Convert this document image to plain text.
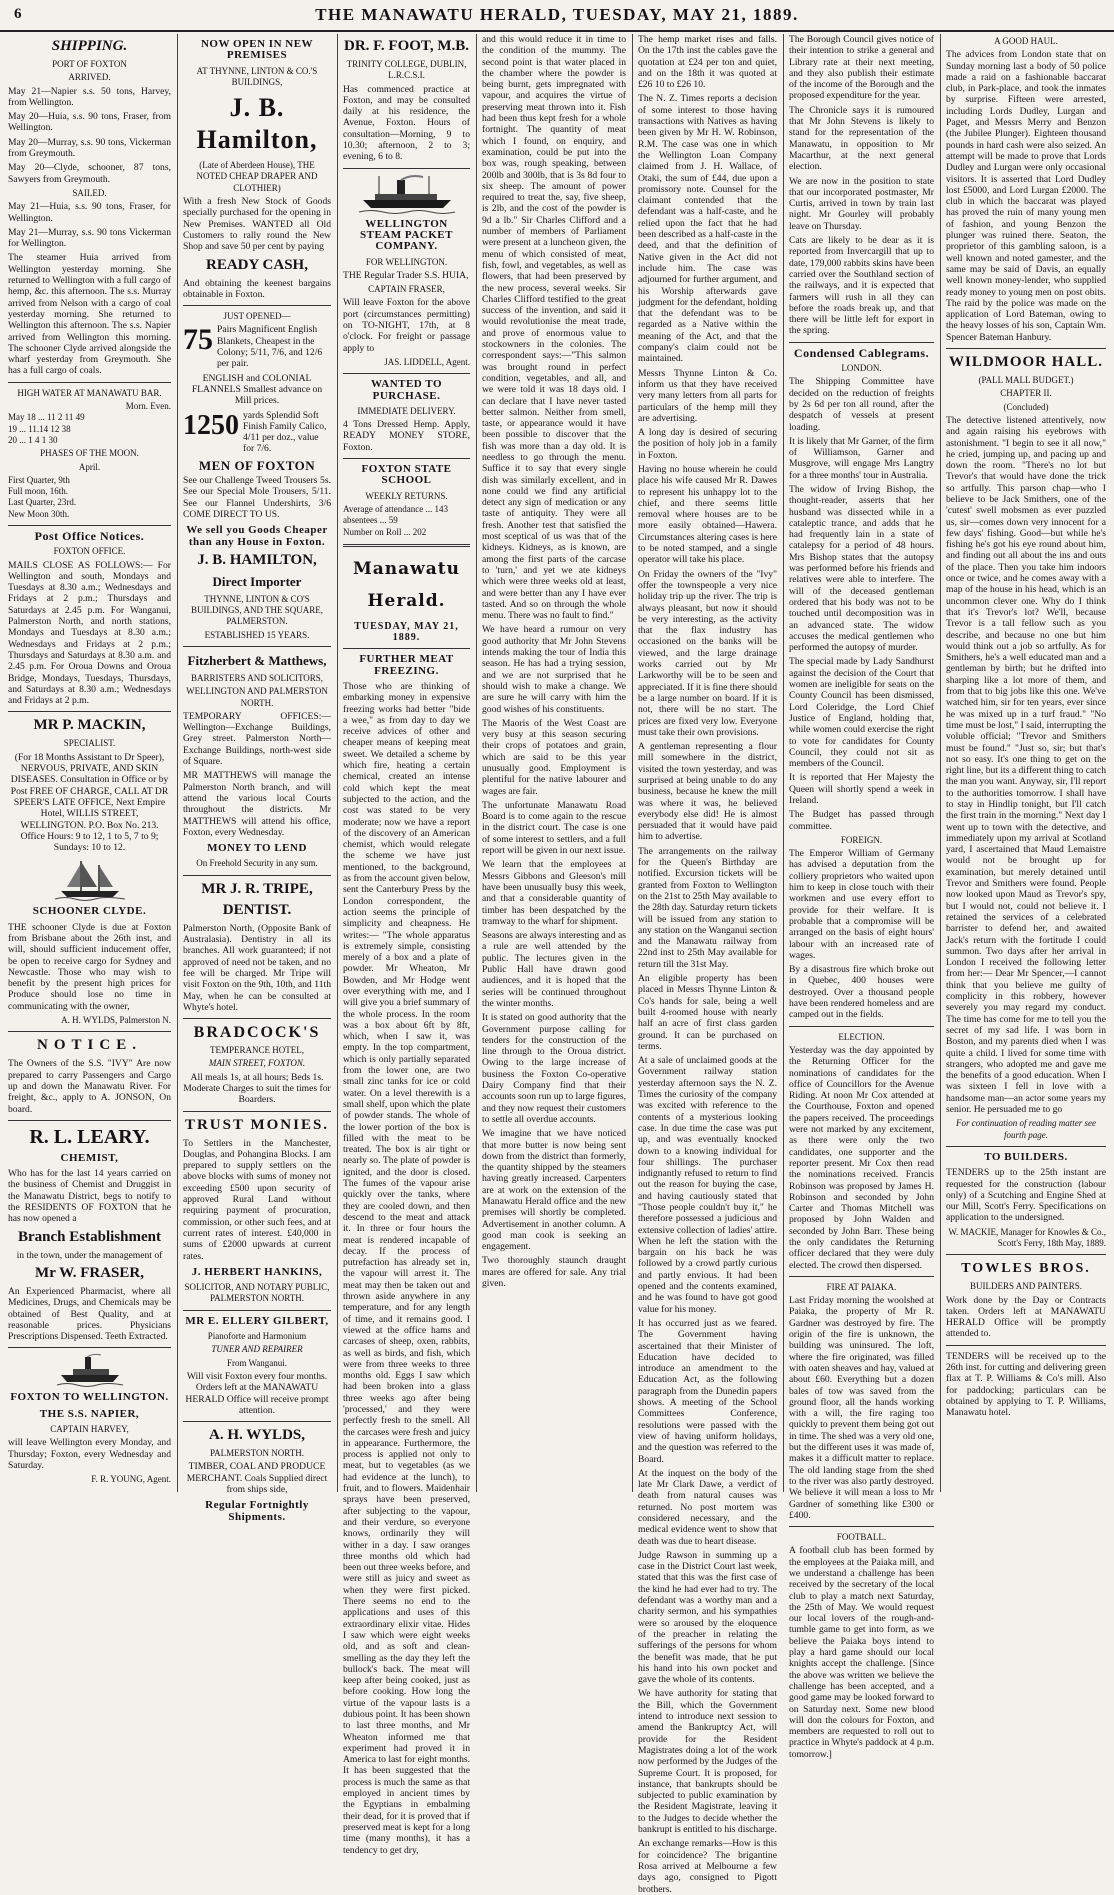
6	THE MANAWATU HERALD, TUESDAY, MAY 21, 1889.
SHIPPING.
PORT OF FOXTON
ARRIVED.

May 21—Napier s.s. 50 tons, Harvey, from Wellington.

May 20—Huia, s.s. 90 tons, Fraser, from Wellington.

May 20—Murray, s.s. 90 tons, Vickerman from Greymouth.

May 20—Clyde, schooner, 87 tons, Sawyers from Greymouth.

SAILED.

May 21—Huia, s.s. 90 tons, Fraser, for Wellington.

May 21—Murray, s.s. 90 tons Vickerman for Wellington.

The steamer Huia arrived from Wellington yesterday morning. She returned to Wellington with a full cargo of hemp, &c. this afternoon. The s.s. Murray arrived from Nelson with a cargo of coal yesterday morning. She returned to Wellington this afternoon. The s.s. Napier arrived from Wellington this morning. The schooner Clyde arrived alongside the wharf yesterday from Greymouth. She has a full cargo of coals.

HIGH WATER AT MANAWATU BAR.
Morn. Even.
May 18 ... 11 2 11 49
19 ... 11.14 12 38
20 ... 1 4 1 30
PHASES OF THE MOON.
April.
First Quarter, 9th
Full moon, 16th.
Last Quarter, 23rd.
New Moon 30th.
Post Office Notices.
FOXTON OFFICE.

MAILS CLOSE AS FOLLOWS:— For Wellington and south, Mondays and Tuesdays at 8.30 a.m.; Wednesdays and Fridays at 2 p.m.; Thursdays and Saturdays at 2.45 p.m. For Wanganui, Palmerston North, and north stations, Mondays and Tuesdays at 8.30 a.m.; Wednesdays and Fridays at 2 p.m.; Thursdays and Saturdays at 8.30 a.m. and 2.45 p.m. For Oroua Downs and Oroua Bridge, Mondays, Tuesdays, Thursdays, and Saturdays at 8.30 a.m.; Wednesdays and Fridays at 2 p.m.

MR P. MACKIN,
SPECIALIST.

(For 18 Months Assistant to Dr Speer), NERVOUS, PRIVATE, AND SKIN DISEASES. Consultation in Office or by Post FREE OF CHARGE, CALL AT DR SPEER'S LATE OFFICE, Next Empire Hotel, WILLIS STREET, WELLINGTON. P.O. Box No. 213. Office Hours: 9 to 12, 1 to 5, 7 to 9; Sundays: 10 to 12.

SCHOONER CLYDE.

THE schooner Clyde is due at Foxton from Brisbane about the 26th inst, and will, should sufficient inducement offer, be open to receive cargo for Sydney and Newcastle. Those who may wish to benefit by the present high prices for Produce should lose no time in communicating with the owner,

A. H. WYLDS, Palmerston N.
NOTICE.

The Owners of the S.S. "IVY" Are now prepared to carry Passengers and Cargo up and down the Manawatu River. For freight, &c., apply to A. JONSON, On board.

R. L. LEARY.
CHEMIST,

Who has for the last 14 years carried on the business of Chemist and Druggist in the Manawatu District, begs to notify to the RESIDENTS OF FOXTON that he has now opened a

Branch Establishment

in the town, under the management of

Mr W. FRASER,

An Experienced Pharmacist, where all Medicines, Drugs, and Chemicals may be obtained of Best Quality, and at reasonable prices. Physicians Prescriptions Dispensed. Teeth Extracted.

FOXTON TO WELLINGTON.
THE S.S. NAPIER,
CAPTAIN HARVEY,

will leave Wellington every Monday, and Thursday; Foxton, every Wednesday and Saturday.

F. R. YOUNG, Agent.
NOW OPEN IN NEW PREMISES
AT THYNNE, LINTON & CO.'S BUILDINGS,
J. B. Hamilton,
(Late of Aberdeen House), THE NOTED CHEAP DRAPER AND CLOTHIER)

With a fresh New Stock of Goods specially purchased for the opening in New Premises. WANTED all Old Customers to rally round the New Shop and save 50 per cent by paying

READY CASH,

And obtaining the keenest bargains obtainable in Foxton.

JUST OPENED—
75 Pairs Magnificent English Blankets, Cheapest in the Colony; 5/11, 7/6, and 12/6 per pair.

ENGLISH and COLONIAL FLANNELS Smallest advance on Mill prices.

1250 yards Splendid Soft Finish Family Calico, 4/11 per doz., value for 7/6.
MEN OF FOXTON

See our Challenge Tweed Trousers 5s. See our Special Mole Trousers, 5/11. See our Flannel Undershirts, 3/6 COME DIRECT TO US.

We sell you Goods Cheaper than any House in Foxton.
J. B. HAMILTON,
Direct Importer
THYNNE, LINTON & CO'S BUILDINGS, AND THE SQUARE, PALMERSTON.
ESTABLISHED 15 YEARS.
Fitzherbert & Matthews,
BARRISTERS AND SOLICITORS,
WELLINGTON AND PALMERSTON NORTH.

TEMPORARY OFFICES:— Wellington—Exchange Buildings, Grey street. Palmerston North—Exchange Buildings, north-west side of Square.

MR MATTHEWS will manage the Palmerston North branch, and will attend the various local Courts throughout the districts. Mr MATTHEWS will attend his office, Foxton, every Wednesday.

MONEY TO LEND
On Freehold Security in any sum.
MR J. R. TRIPE,
DENTIST.

Palmerston North, (Opposite Bank of Australasia). Dentistry in all its branches. All work guaranteed; if not approved of need not be taken, and no fee will be charged. Mr Tripe will visit Foxton on the 9th, 10th, and 11th May, when he can be consulted at Whyte's hotel.

BRADCOCK'S
TEMPERANCE HOTEL,
MAIN STREET, FOXTON.

All meals 1s, at all hours; Beds 1s. Moderate Charges to suit the times for Boarders.

TRUST MONIES.

To Settlers in the Manchester, Douglas, and Pohangina Blocks. I am prepared to supply settlers on the above blocks with sums of money not exceeding £500 upon security of approved Rural Land without requiring payment of procuration, commission, or other such fees, and at current rates of interest. £40,000 in sums of £2000 upwards at current rates.

J. HERBERT HANKINS,
SOLICITOR, AND NOTARY PUBLIC, PALMERSTON NORTH.
MR E. ELLERY GILBERT,
Pianoforte and Harmonium
TUNER AND REPAIRER
From Wanganui.

Will visit Foxton every four months. Orders left at the MANAWATU HERALD Office will receive prompt attention.

A. H. WYLDS,
PALMERSTON NORTH.

TIMBER, COAL AND PRODUCE MERCHANT. Coals Supplied direct from ships side,

Regular Fortnightly Shipments.
DR. F. FOOT, M.B.
TRINITY COLLEGE, DUBLIN, L.R.C.S.I.

Has commenced practice at Foxton, and may be consulted daily at his residence, the Avenue, Foxton. Hours of consultation—Morning, 9 to 10.30; afternoon, 2 to 3; evening, 6 to 8.

WELLINGTON STEAM PACKET COMPANY.
FOR WELLINGTON.

THE Regular Trader S.S. HUIA,

CAPTAIN FRASER,

Will leave Foxton for the above port (circumstances permitting) on TO-NIGHT, 17th, at 8 o'clock. For freight or passage apply to

JAS. LIDDELL, Agent.
WANTED TO PURCHASE.
IMMEDIATE DELIVERY.

4 Tons Dressed Hemp. Apply, READY MONEY STORE, Foxton.

FOXTON STATE SCHOOL
WEEKLY RETURNS.
Average of attendance ... 143
absentees ... 59
Number on Roll ... 202
Manawatu Herald.
TUESDAY, MAY 21, 1889.
FURTHER MEAT FREEZING.

Those who are thinking of embarking money in expensive freezing works had better "bide a wee," as from day to day we receive advices of other and cheaper means of keeping meat sweet. We detailed a scheme by which fire, heating a certain chemical, created an intense cold which kept the meat subjected to the action, and the cost was stated to be very moderate; now we have a report of the discovery of an American chemist, which would relegate the scheme we have just mentioned, to the background, as from the account given below, sent the Canterbury Press by the London correspondent, the action seems the principle of simplicity and cheapness. He writes:— "The whole apparatus is extremely simple, consisting merely of a box and a plate of powder. Mr Wheaton, Mr Bowden, and Mr Hodge went over everything with me, and I will give you a brief summary of the whole process. In the room was a box about 6ft by 8ft, which, when I saw it, was empty. In the top compartment, which is only partially separated from the lower one, are two small zinc tanks for ice or cold water. On a level therewith is a small shelf, upon which the plate of powder stands. The whole of the lower portion of the box is filled with the meat to be treated. The box is air tight or nearly so. The plate of powder is ignited, and the door is closed. The fumes of the vapour arise quickly over the tanks, where they are cooled down, and then descend to the meat and attack it. In three or four hours the meat is rendered incapable of decay. If the process of putrefaction has already set in, the vapour will arrest it. The meat may then be taken out and thrown aside anywhere in any temperature, and for any length of time, and it remains good. I viewed at the office hams and carcases of sheep, oxen, rabbits, as well as birds, and fish, which were from three weeks to three months old. Eggs I saw which had been broken into a glass three weeks ago after being 'processed,' and they were perfectly fresh to the smell. All the carcases were fresh and juicy in appearance. Furthermore, the process is applied not only to meat, but to vegetables (as we had evidence at the lunch), to fruit, and to flowers. Maidenhair sprays have been preserved, after subjecting to the vapour, and their verdure, so everyone knows, ordinarily they will wither in a day. I saw oranges three months old which had been out three weeks before, and were still as juicy and sweet as when they were first picked. There seems no end to the applications and uses of this extraordinary elixir vitae. Hides I saw which were eight weeks old, and as soft and clean-smelling as the day they left the bullock's back. The meat will keep after being cooked, just as before cooking. How long the virtue of the vapour lasts is a dubious point. It has been shown to last three months, and Mr Wheaton informed me that experiment had proved it in America to last for eight months. It has been suggested that the process is much the same as that employed in ancient times by the Egyptians in embalming their dead, for it is proved that if preserved meat is kept for a long time (many months), it has a tendency to get dry,

and this would reduce it in time to the condition of the mummy. The second point is that water placed in the chamber where the powder is being burnt, gets impregnated with vapour, and acquires the virtue of preserving meat thrown into it. Fish had been thus kept fresh for a whole fortnight. The quantity of meat which I found, on enquiry, and examination, could be put into the box was, rough speaking, between 200lb and 300lb, that is 3s 8d four to six sheep. The amount of power required to treat the, say, five sheep, is 2lb, and the cost of the powder is 9d a lb." Sir Charles Clifford and a number of members of Parliament were present at a luncheon given, the menu of which consisted of meat, fish, fowl, and vegetables, as well as flowers, that had been preserved by the new process, several weeks. Sir Charles Clifford testified to the great success of the invention, and said it would revolutionise the meat trade, and prove of enormous value to stockowners in the colonies. The correspondent says:—"This salmon was brought round in perfect condition, vegetables, and all, and we were told it was 18 days old. I can declare that I have never tasted better salmon. Neither from smell, taste, or appearance would it have been possible to discover that the fish was more than a day old. It is needless to go through the menu. Suffice it to say that every single dish was similarly excellent, and in none could we find any artificial detect any sign of medication or any taste of antiquity. They were all fresh. Another test that satisfied the most sceptical of us was that of the kidneys. Kidneys, as is known, are among the first parts of the carcase to 'turn,' and yet we ate kidneys which were three weeks old at least, and were better than any I have ever tasted. And so on through the whole menu. There was no fault to find."

We have heard a rumour on very good authority that Mr John Stevens intends making the tour of India this season. He has had a trying session, and we are not surprised that he should wish to make a change. We are sure he will carry with him the good wishes of his constituents.

The Maoris of the West Coast are very busy at this season securing their crops of potatoes and grain, which are said to be this year unusually good. Employment is plentiful for the native labourer and wages are fair.

The unfortunate Manawatu Road Board is to come again to the rescue in the district court. The case is one of some interest to settlers, and a full report will be given in our next issue.

We learn that the employees at Messrs Gibbons and Gleeson's mill have been unusually busy this week, and that a considerable quantity of timber has been despatched by the tramway to the wharf for shipment.

Seasons are always interesting and as a rule are well attended by the public. The lectures given in the Public Hall have drawn good audiences, and it is hoped that the series will be continued throughout the winter months.

It is stated on good authority that the Government purpose calling for tenders for the construction of the line through to the Oroua district. Owing to the large increase of business the Foxton Co-operative Dairy Company find that their accounts soon run up to large figures, and they now request their customers to settle all overdue accounts.

We imagine that we have noticed that more butter is now being sent down from the district than formerly, the quantity shipped by the steamers having greatly increased. Carpenters are at work on the extension of the Manawatu Herald office and the new premises will shortly be completed. Advertisement in another column. A good man cook is seeking an engagement.

Two thoroughly staunch draught mares are offered for sale. Any trial given.

The hemp market rises and falls. On the 17th inst the cables gave the quotation at £24 per ton and quiet, and on the 18th it was quoted at £26 10 to £26 10.

The N. Z. Times reports a decision of some interest to those having transactions with Natives as having been given by Mr H. W. Robinson, R.M. The case was one in which the Wellington Loan Company claimed from J. H. Wallace, of Otaki, the sum of £44, due upon a promissory note. Counsel for the claimant contended that the defendant was a half-caste, and he relied upon the fact that he had been described as a half-caste in the deed, and that the definition of Native given in the Act did not include him. The case was adjourned for further argument, and his Worship afterwards gave judgment for the defendant, holding that the defendant was to be regarded as a Native within the meaning of the Act, and that the company's claim could not be maintained.

Messrs Thynne Linton & Co. inform us that they have received very many letters from all parts for particulars of the hemp mill they are advertising.

A long day is desired of securing the position of holy job in a family in Foxton.

Having no house wherein he could place his wife caused Mr R. Dawes to represent his unhappy lot to the chief, and there seems little removal where houses are to be more easily obtained—Hawera. Circumstances altering cases is here to be noted stamped, and a single operator will take his place.

On Friday the owners of the "Ivy" offer the townspeople a very nice holiday trip up the river. The trip is always pleasant, but now it should be very interesting, as the activity that the flax industry has occasioned on the banks will be viewed, and the large drainage works carried out by Mr Larkworthy will be to be seen and appreciated. If it is fine there should be a large number on board. If it is not, there will be no start. The prices are fixed very low. Everyone must take their own provisions.

A gentleman representing a flour mill somewhere in the district, visited the town yesterday, and was surprised at being unable to do any business, because he knew the mill was where it was, he believed everybody else did! He is almost persuaded that it would have paid him to advertise.

The arrangements on the railway for the Queen's Birthday are notified. Excursion tickets will be granted from Foxton to Wellington on the 21st to 25th May available to the 28th day. Saturday return tickets will be issued from any station to any station on the Wanganui section and the Manawatu railway from 22nd inst to 25th May available for return till the 31st May.

An eligible property has been placed in Messrs Thynne Linton & Co's hands for sale, being a well built 4-roomed house with nearly half an acre of first class garden ground. It can be purchased on terms.

At a sale of unclaimed goods at the Government railway station yesterday afternoon says the N. Z. Times the curiosity of the company was excited with reference to the contents of a mysterious looking case. In due time the case was put up, and was eventually knocked down to a knowing individual for four shillings. The purchaser indignantly refused to return to find out the reason for buying the case, and having cautiously stated that "Those people couldn't buy it," he therefore possessed a judicious and extensive collection of ladies' attire. When he left the station with the bargain on his back he was followed by a crowd partly curious and partly envious. It had been opened and the contents examined, and he was found to have got good value for his money.

It has occurred just as we feared. The Government having ascertained that their Minister of Education have decided to introduce an amendment to the Education Act, as the following paragraph from the Dunedin papers shows. A meeting of the School Committees Conference, resolutions were passed with the view of having uniform holidays, and the question was referred to the Board.

At the inquest on the body of the late Mr Clark Dawe, a verdict of death from natural causes was returned. No post mortem was considered necessary, and the medical evidence went to show that death was due to heart disease.

Judge Rawson in summing up a case in the District Court last week, stated that this was the first case of the kind he had ever had to try. The defendant was a worthy man and a charity sermon, and his sympathies were so aroused by the eloquence of the preacher in relating the sufferings of the persons for whom the benefit was made, that he put his hand into his own pocket and gave the whole of its contents.

We have authority for stating that the Bill, which the Government intend to introduce next session to amend the Bankruptcy Act, will provide for the Resident Magistrates doing a lot of the work now performed by the Judges of the Supreme Court. It is proposed, for instance, that bankrupts should be subjected to public examination by the Resident Magistrate, leaving it to the Judges to decide whether the bankrupt is entitled to his discharge.

An exchange remarks—How is this for coincidence? The brigantine Rosa arrived at Melbourne a few days ago, consigned to Pigott brothers.

The Borough Council gives notice of their intention to strike a general and Library rate at their next meeting, and they also publish their estimate of the income of the Borough and the proposed expenditure for the year.

The Chronicle says it is rumoured that Mr John Stevens is likely to stand for the representation of the Manawatu, in opposition to Mr Macarthur, at the next general election.

We are now in the position to state that our incorporated postmaster, Mr Curtis, arrived in town by train last night. Mr Gourley will probably leave on Thursday.

Cats are likely to be dear as it is reported from Invercargill that up to date, 179,000 rabbits skins have been carried over the Southland section of the railways, and it is expected that farmers will rush in all they can before the roads break up, and that there will be little left for export in the spring.

Condensed Cablegrams.
LONDON.

The Shipping Committee have decided on the reduction of freights by 2s 6d per ton all round, after the despatch of vessels at present loading.

It is likely that Mr Garner, of the firm of Williamson, Garner and Musgrove, will engage Mrs Langtry for a three months' tour in Australia.

The widow of Irving Bishop, the thought-reader, asserts that her husband was dissected while in a cataleptic trance, and adds that he had frequently lain in a state of catalepsy for a period of 48 hours. Mrs Bishop states that the autopsy was performed before his friends and relatives were able to interfere. The will of the deceased gentleman ordered that his body was not to be touched until decomposition was in an advanced state. The widow accuses the medical gentlemen who performed the autopsy of murder.

The special made by Lady Sandhurst against the decision of the Court that women are ineligible for seats on the County Council has been dismissed, Lord Coleridge, the Lord Chief Justice of England, holding that, while women could exercise the right to vote for candidates for County Council, they could not sit as members of the Council.

It is reported that Her Majesty the Queen will shortly spend a week in Ireland.

The Budget has passed through committee.

FOREIGN.

The Emperor William of Germany has advised a deputation from the colliery proprietors who waited upon him to keep in close touch with their workmen and use every effort to provide for their welfare. It is probable that a compromise will be arranged on the basis of eight hours' labour with an increased rate of wages.

By a disastrous fire which broke out in Quebec, 400 houses were destroyed. Over a thousand people have been rendered homeless and are camped out in the fields.

ELECTION.

Yesterday was the day appointed by the Returning Officer for the nominations of candidates for the office of Councillors for the Avenue Riding. At noon Mr Cox attended at the Courthouse, Foxton and opened the papers received. The proceedings were not marked by any excitement, as there were only the two candidates, one supporter and the reporter present. Mr Cox then read the nominations received. Francis Robinson was proposed by James H. Robinson and seconded by John Carter and Thomas Mitchell was proposed by John Walden and seconded by John Barr. These being the only candidates the Returning officer declared that they were duly elected. The crowd then dispersed.

FIRE AT PAIAKA.

Last Friday morning the woolshed at Paiaka, the property of Mr R. Gardner was destroyed by fire. The origin of the fire is unknown, the building was uninsured. The loft, where the fire originated, was filled with oaten sheaves and hay, valued at about £60. Everything but a dozen bales of tow was saved from the ground floor, all the hands working with a will, the fire raging too quickly to prevent them being got out in time. The shed was a very old one, but the different uses it was made of, makes it a difficult matter to replace. The old landing stage from the shed to the river was also partly destroyed. We believe it will mean a loss to Mr Gardner of something like £300 or £400.

FOOTBALL.

A football club has been formed by the employees at the Paiaka mill, and we understand a challenge has been received by the secretary of the local club to play a match next Saturday, the 25th of May. We would request our local lovers of the rough-and-tumble game to get into form, as we believe the Paiaka boys intend to play a hard game should our local knights accept the challenge. [Since the above was written we believe the challenge has been accepted, and a good game may be looked forward to on Saturday next. Some new blood will don the colours for Foxton, and members are requested to roll out to practice in Whyte's paddock at 4 p.m. tomorrow.]

A GOOD HAUL.

The advices from London state that on Sunday morning last a body of 50 police made a raid on a fashionable baccarat club, in Park-place, and took the inmates by surprise. Fifteen were arrested, including Lords Dudley, Lurgan and Paget, and Messrs Merry and Benzon (the Jubilee Plunger). Eighteen thousand pounds in hard cash were also seized. An attempt will be made to prove that Lords Dudley and Lurgan were only occasional visitors. It is asserted that Lord Dudley lost £5000, and Lord Lurgan £2000. The club in which the baccarat was played has proved the ruin of many young men of fashion, and young Benzon the plunger was ruined there. Seaton, the proprietor of this gambling saloon, is a well known and noted gamester, and the same may be said of Davis, an equally well known money-lender, who supplied ready money to young men on post obits. The raid by the police was made on the application of Lord Bateman, owing to the heavy losses of his son, Captain Wm. Spencer Bateman Hanbury.

WILDMOOR HALL.
(PALL MALL BUDGET.)
CHAPTER II.
(Concluded)

The detective listened attentively, now and again raising his eyebrows with astonishment. "I begin to see it all now," he cried, jumping up, and pacing up and down the room. "There's no lot but Trevor's that would have done the trick so artfully. This parson chap—who I believe to be Jack Smithers, one of the 'cutest' swell mobsmen as ever puzzled us, sir—comes down very innocent for a few days' fishing. Good—but while he's fishing he's got his eye round about him, and finding out all about the ins and outs of the place. Then you take him indoors once or twice, and he comes away with a map of the house in his head, which is an uncommon clever one. Why do I think that it's Trevor's lot? We'll, because Trevor is a tall fellow such as you describe, and because no one but him would think out a job so artfully. As for Smithers, he's a well educated man and a gentleman by birth; but he drifted into sharping like a lot more of them, and from that to big jobs like this one. We've watched him, sir for ten years, ever since he was mixed up in a turf fraud." "No time must be lost," I said, interrupting the voluble official; "Trevor and Smithers must be found." "Just so, sir; but that's not so easy. It's one thing to get on the right line, but its a different thing to catch the man you want. Anyway, sir, I'll report to the authorities tomorrow. I shall have to stay in Hindlip tonight, but I'll catch the first train in the morning." Next day I went up to town with the detective, and immediately upon my arrival at Scotland yard, I ascertained that Maud Lemaistre would not be brought up for examination, but merely detained until Trevor and Smithers were found. People now looked upon Maud as Trevor's spy, but I would not, could not believe it. I retained the services of a celebrated barrister to defend her, and awaited Jack's return with the fortitude I could summon. Two days after her arrival in London I received the following letter from her:— Dear Mr Spencer,—I cannot think that you believe me guilty of complicity in this robbery, however severely you may regard my conduct. The time has come for me to tell you the secret of my sad life. I was born in Boston, and my parents died when I was quite a child. I lived for some time with strangers, who adopted me and gave me the benefits of a good education. When I was sixteen I fell in love with a handsome man—an actor some years my senior. He persuaded me to go

For continuation of reading matter see fourth page.
TO BUILDERS.

TENDERS up to the 25th instant are requested for the construction (labour only) of a Scutching and Engine Shed at our Mill, Scott's Ferry. Specifications on application to the undersigned.

W. MACKIE, Manager for Knowles & Co., Scott's Ferry, 18th May, 1889.
TOWLES BROS.
BUILDERS AND PAINTERS.

Work done by the Day or Contracts taken. Orders left at MANAWATU HERALD Office will be promptly attended to.

TENDERS will be received up to the 26th inst. for cutting and delivering green flax at T. P. Williams & Co's mill. Also for paddocking; particulars can be obtained by applying to T. P. Williams, Manawatu hotel.
